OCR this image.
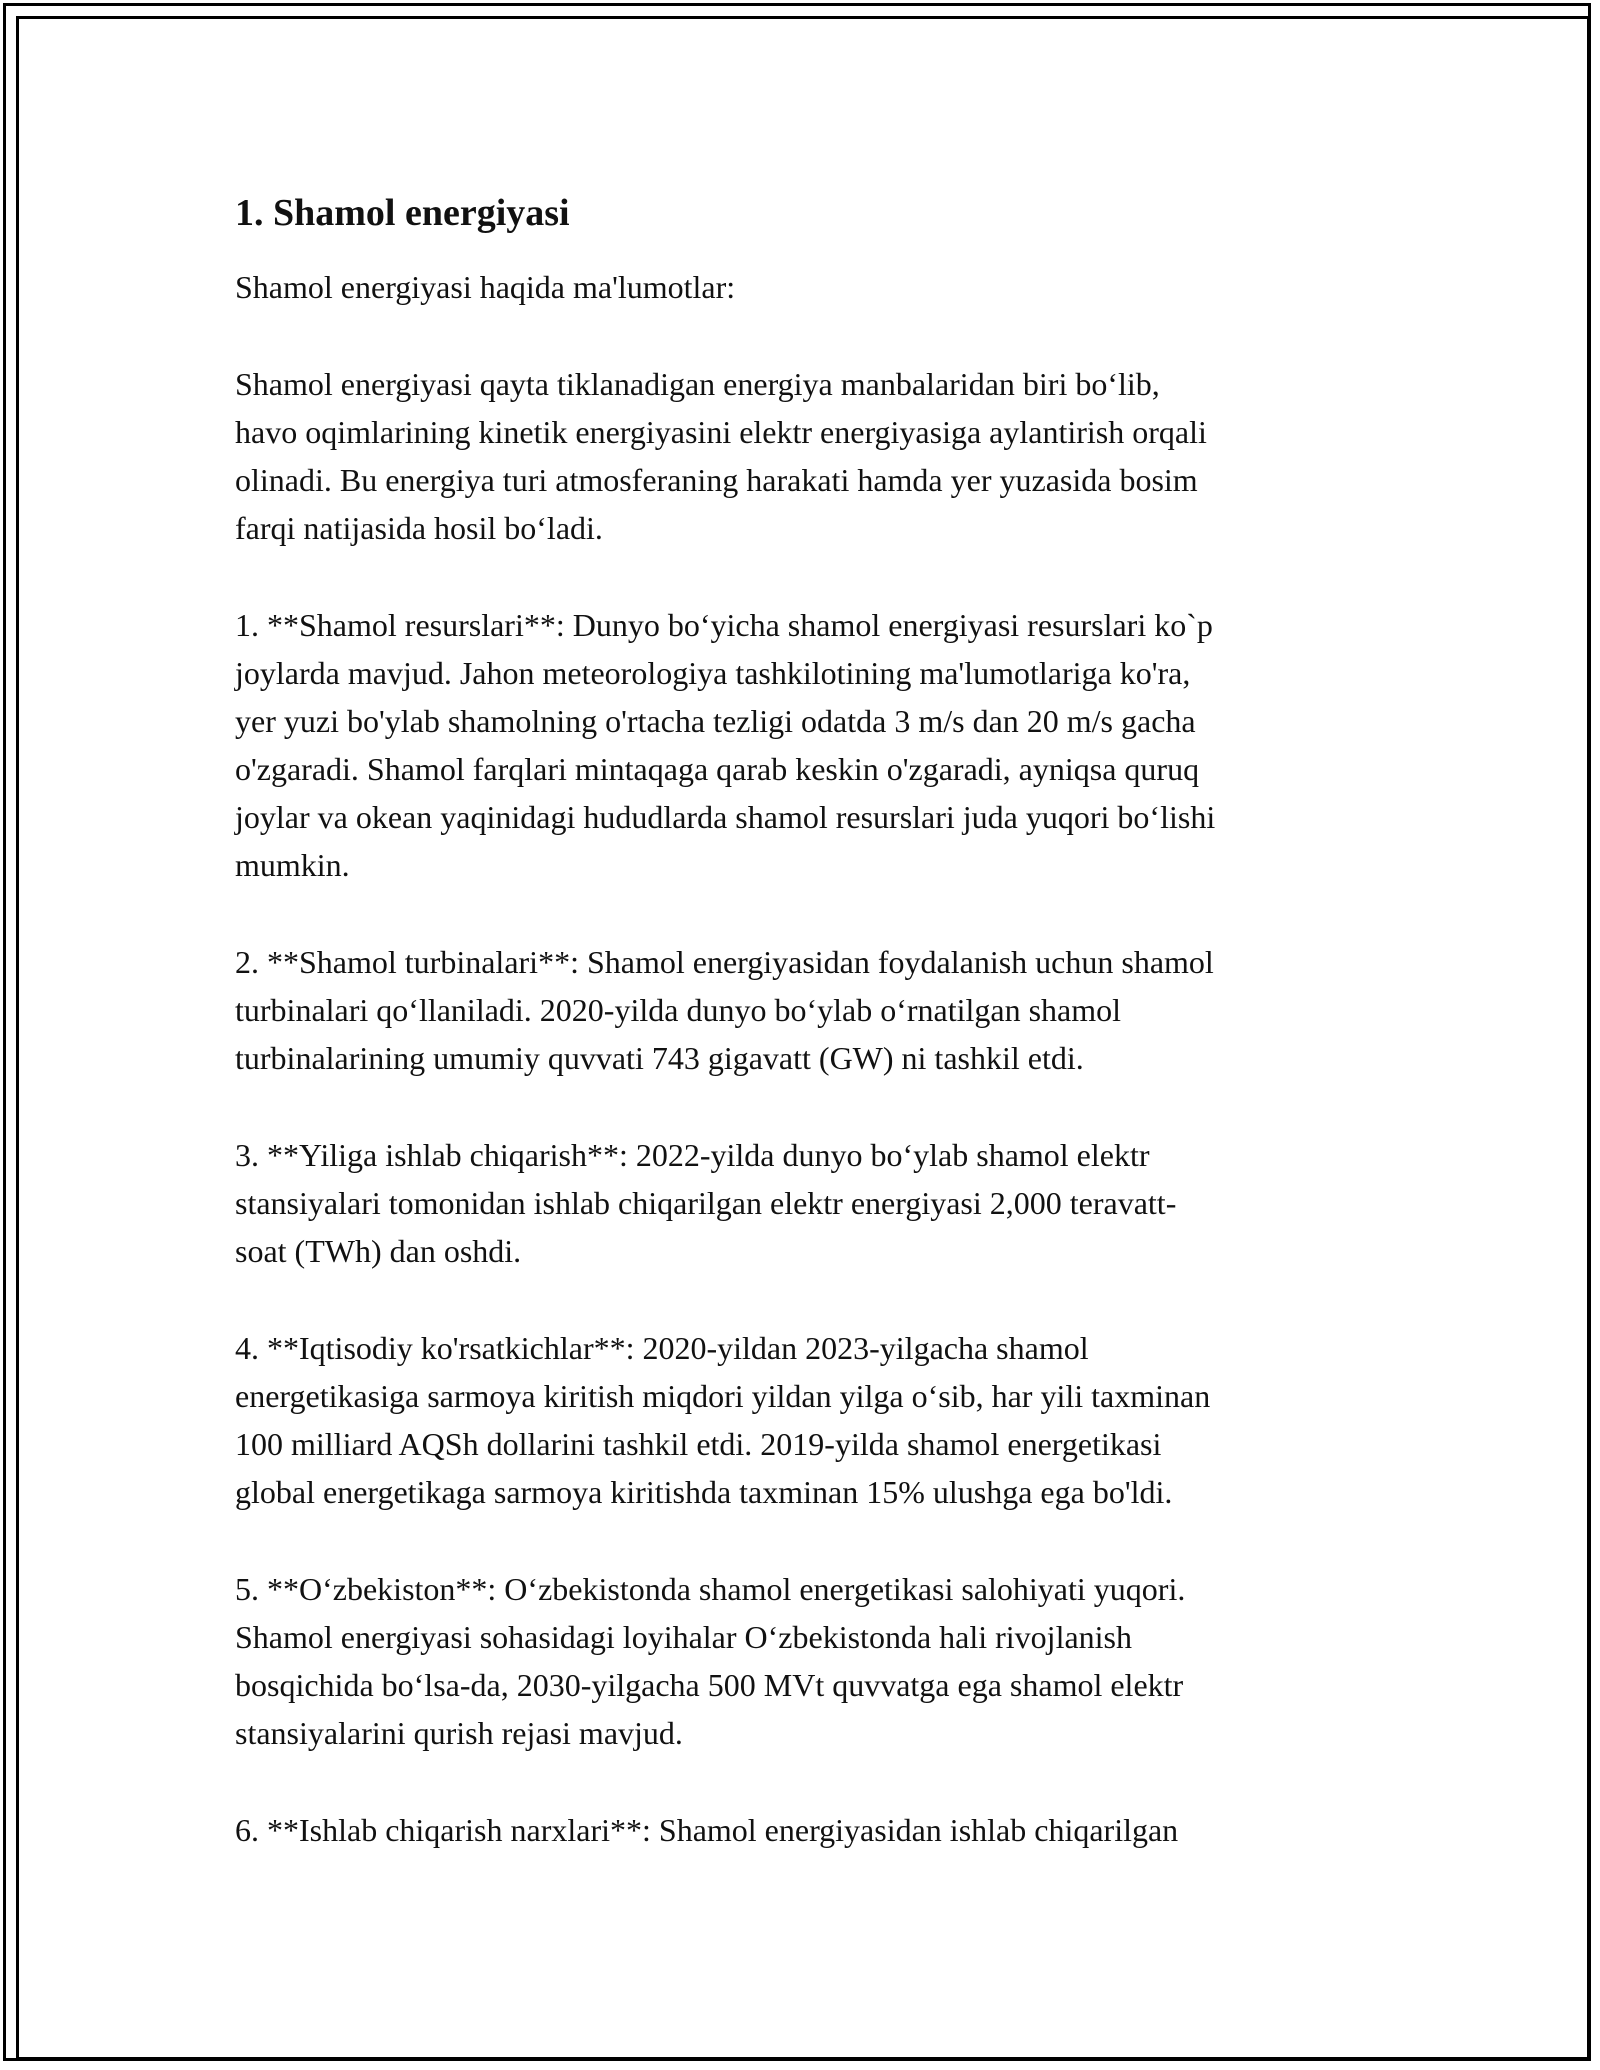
1. Shamol energiyasi

Shamol energiyasi haqida ma'lumotlar:

Shamol energiyasi qayta tiklanadigan energiya manbalaridan biri bo‘lib,
havo oqimlarining kinetik energiyasini elektr energiyasiga aylantirish orqali
olinadi. Bu energiya turi atmosferaning harakati hamda yer yuzasida bosim
farqi natijasida hosil bo‘ladi.

1. **Shamol resurslari**: Dunyo bo‘yicha shamol energiyasi resurslari ko`p
joylarda mavjud. Jahon meteorologiya tashkilotining ma'lumotlariga ko'ra,
yer yuzi bo'ylab shamolning o'rtacha tezligi odatda 3 m/s dan 20 m/s gacha
o'zgaradi. Shamol farqlari mintaqaga qarab keskin o'zgaradi, ayniqsa quruq
joylar va okean yaqinidagi hududlarda shamol resurslari juda yuqori bo‘lishi
mumkin.

2. **Shamol turbinalari**: Shamol energiyasidan foydalanish uchun shamol
turbinalari qo‘llaniladi. 2020-yilda dunyo bo‘ylab o‘rnatilgan shamol
turbinalarining umumiy quvvati 743 gigavatt (GW) ni tashkil etdi.

3. **Yiliga ishlab chiqarish**: 2022-yilda dunyo bo‘ylab shamol elektr
stansiyalari tomonidan ishlab chiqarilgan elektr energiyasi 2,000 teravatt-
soat (TWh) dan oshdi.

4. **Iqtisodiy ko'rsatkichlar**: 2020-yildan 2023-yilgacha shamol
energetikasiga sarmoya kiritish miqdori yildan yilga o‘sib, har yili taxminan
100 milliard AQSh dollarini tashkil etdi. 2019-yilda shamol energetikasi
global energetikaga sarmoya kiritishda taxminan 15% ulushga ega bo'ldi.

5. **O‘zbekiston**: O‘zbekistonda shamol energetikasi salohiyati yuqori.
Shamol energiyasi sohasidagi loyihalar O‘zbekistonda hali rivojlanish
bosqichida bo‘lsa-da, 2030-yilgacha 500 MVt quvvatga ega shamol elektr
stansiyalarini qurish rejasi mavjud.

6. **Ishlab chiqarish narxlari**: Shamol energiyasidan ishlab chiqarilgan
